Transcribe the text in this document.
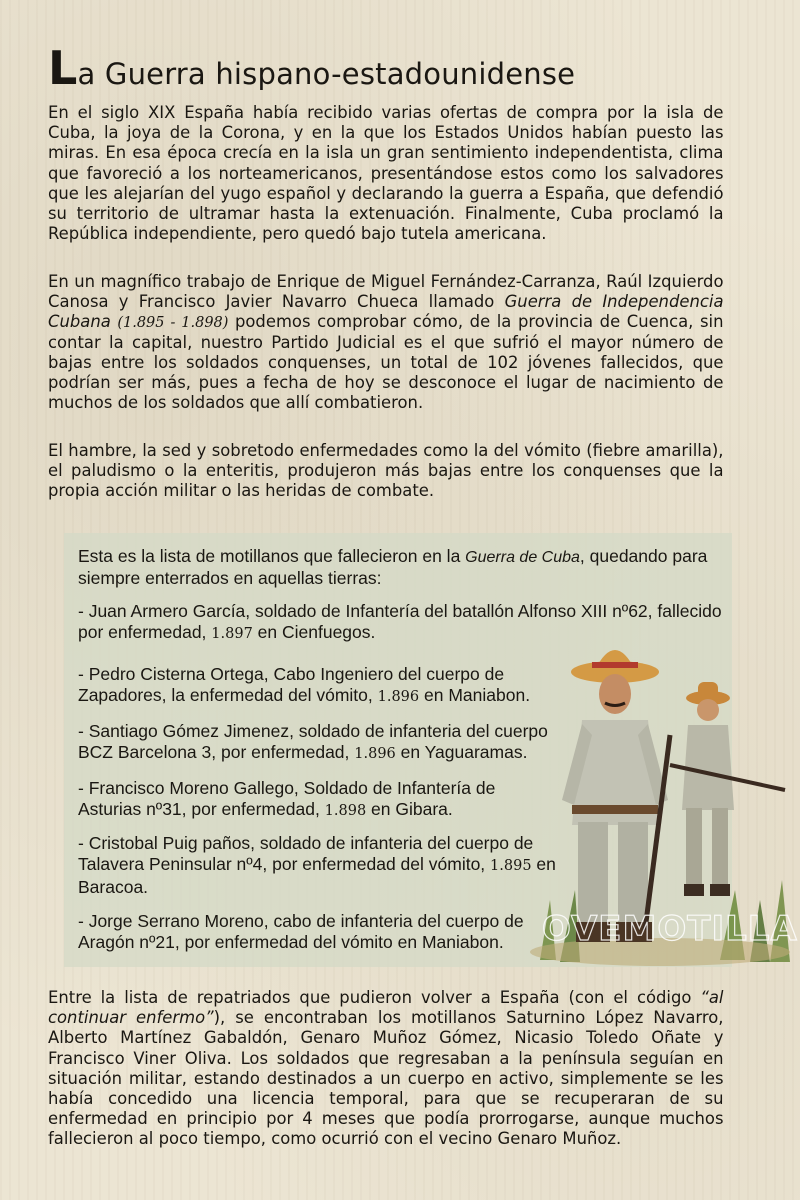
La Guerra hispano-estadounidense

En el siglo XIX España había recibido varias ofertas de compra por la isla de Cuba, la joya de la Corona, y en la que los Estados Unidos habían puesto las miras. En esa época crecía en la isla un gran sentimiento independentista, clima que favoreció a los norteamericanos, presentándose estos como los salvadores que les alejarían del yugo español y declarando la guerra a España, que defendió su territorio de ultramar hasta la extenuación. Finalmente, Cuba proclamó la República independiente, pero quedó bajo tutela americana.

En un magnífico trabajo de Enrique de Miguel Fernández-Carranza, Raúl Izquierdo Canosa y Francisco Javier Navarro Chueca llamado Guerra de Independencia Cubana (1.895 - 1.898) podemos comprobar cómo, de la provincia de Cuenca, sin contar la capital, nuestro Partido Judicial es el que sufrió el mayor número de bajas entre los soldados conquenses, un total de 102 jóvenes fallecidos, que podrían ser más, pues a fecha de hoy se desconoce el lugar de nacimiento de muchos de los soldados que allí combatieron.

El hambre, la sed y sobretodo enfermedades como la del vómito (fiebre amarilla), el paludismo o la enteritis, produjeron más bajas entre los conquenses que la propia acción militar o las heridas de combate.

OVEMOTILLA

Esta es la lista de motillanos que fallecieron en la Guerra de Cuba, quedando para siempre enterrados en aquellas tierras:

- Juan Armero García, soldado de Infantería del batallón Alfonso XIII nº62, fallecido por enfermedad, 1.897 en Cienfuegos.

- Pedro Cisterna Ortega, Cabo Ingeniero del cuerpo de Zapadores, la enfermedad del vómito, 1.896 en Maniabon.

- Santiago Gómez Jimenez, soldado de infanteria del cuerpo BCZ Barcelona 3, por enfermedad, 1.896 en Yaguaramas.

- Francisco Moreno Gallego, Soldado de Infantería de Asturias nº31, por enfermedad, 1.898 en Gibara.

- Cristobal Puig paños, soldado de infanteria del cuerpo de Talavera Peninsular nº4, por enfermedad del vómito, 1.895 en Baracoa.

- Jorge Serrano Moreno, cabo de infanteria del cuerpo de Aragón nº21, por enfermedad del vómito en Maniabon.

Entre la lista de repatriados que pudieron volver a España (con el código “al continuar enfermo”), se encontraban los motillanos Saturnino López Navarro, Alberto Martínez Gabaldón, Genaro Muñoz Gómez, Nicasio Toledo Oñate y Francisco Viner Oliva. Los soldados que regresaban a la península seguían en situación militar, estando destinados a un cuerpo en activo, simplemente se les había concedido una licencia temporal, para que se recuperaran de su enfermedad en principio por 4 meses que podía prorrogarse, aunque muchos fallecieron al poco tiempo, como ocurrió con el vecino Genaro Muñoz.
